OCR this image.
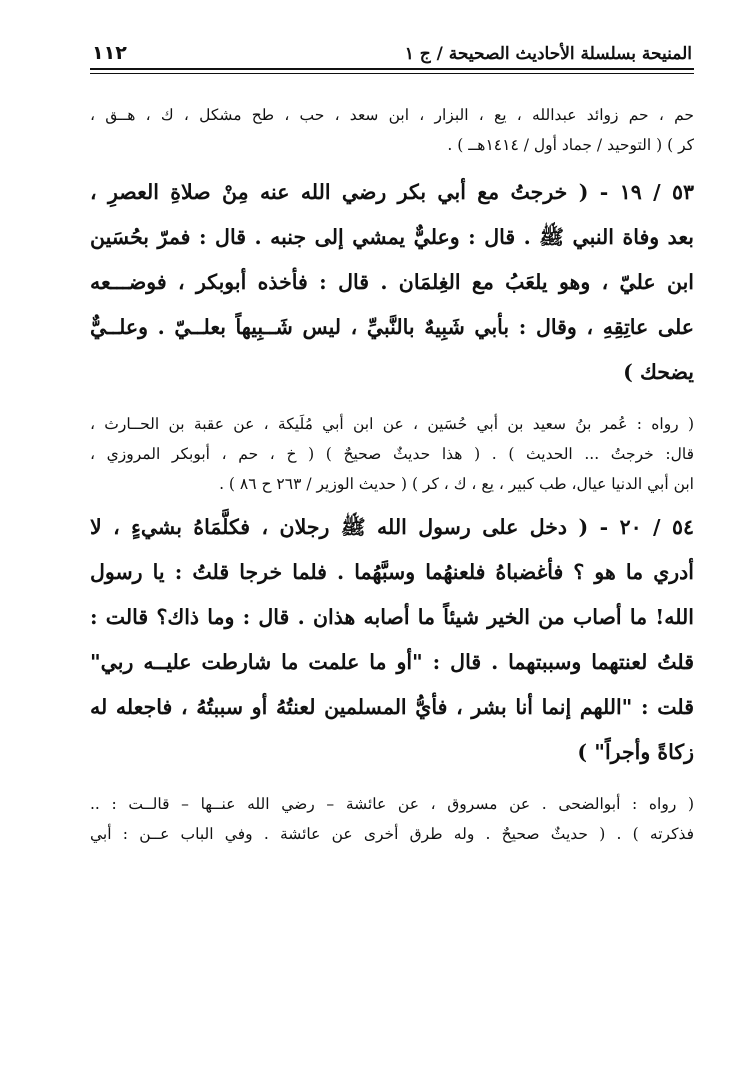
المنيحة بسلسلة الأحاديث الصحيحة / ج ١
١١٢
حم ، حم زوائد عبدالله ، يع ، البزار ، ابن سعد ، حب ، طح مشكل ، ك ، هــق ،
كر ) ( التوحيد / جماد أول / ١٤١٤هــ ) .
٥٣ / ١٩ - ( خرجتُ مع أبي بكر رضي الله عنه مِنْ صلاةِ العصرِ ،
بعد وفاة النبي ﷺ . قال : وعليٌّ يمشي إلى جنبه . قال : فمرّ بحُسَين
ابن عليّ ، وهو يلعَبُ مع الغِلمَان . قال : فأخذه أبوبكر ، فوضـــعه
على عاتِقِهِ ، وقال : بأبي شَبِيهٌ بالنَّبيِّ ، ليس شَــبِيهاً بعلــيّ . وعلــيٌّ
يضحك )
( رواه : عُمر بنُ سعيد بن أبي حُسَين ، عن ابن أبي مُلَيكة ، عن عقبة بن الحــارث ،
قال: خرجتُ ... الحديث ) . ( هذا حديثٌ صحيحٌ ) ( خ ، حم ، أبوبكر المروزي ،
ابن أبي الدنيا عيال، طب كبير ، يع ، ك ، كر ) ( حديث الوزير / ٢٦٣ ح ٨٦ ) .
٥٤ / ٢٠ - ( دخل على رسول الله ﷺ رجلان ، فكلَّمَاهُ بشيءٍ ، لا
أدري ما هو ؟ فأغضباهُ فلعنهُما وسبَّهُما . فلما خرجا قلتُ : يا رسول
الله! ما أصاب من الخير شيئاً ما أصابه هذان . قال : وما ذاك؟ قالت :
قلتُ لعنتهما وسببتهما . قال : "أو ما علمت ما شارطت عليــه ربي"
قلت : "اللهم إنما أنا بشر ، فأيُّ المسلمين لعنتُهُ أو سببتُهُ ، فاجعله له
زكاةً وأجراً" )
( رواه : أبوالضحى . عن مسروق ، عن عائشة – رضي الله عنــها – قالــت : ..
فذكرته ) . ( حديثٌ صحيحٌ . وله طرق أخرى عن عائشة . وفي الباب عــن : أبي
